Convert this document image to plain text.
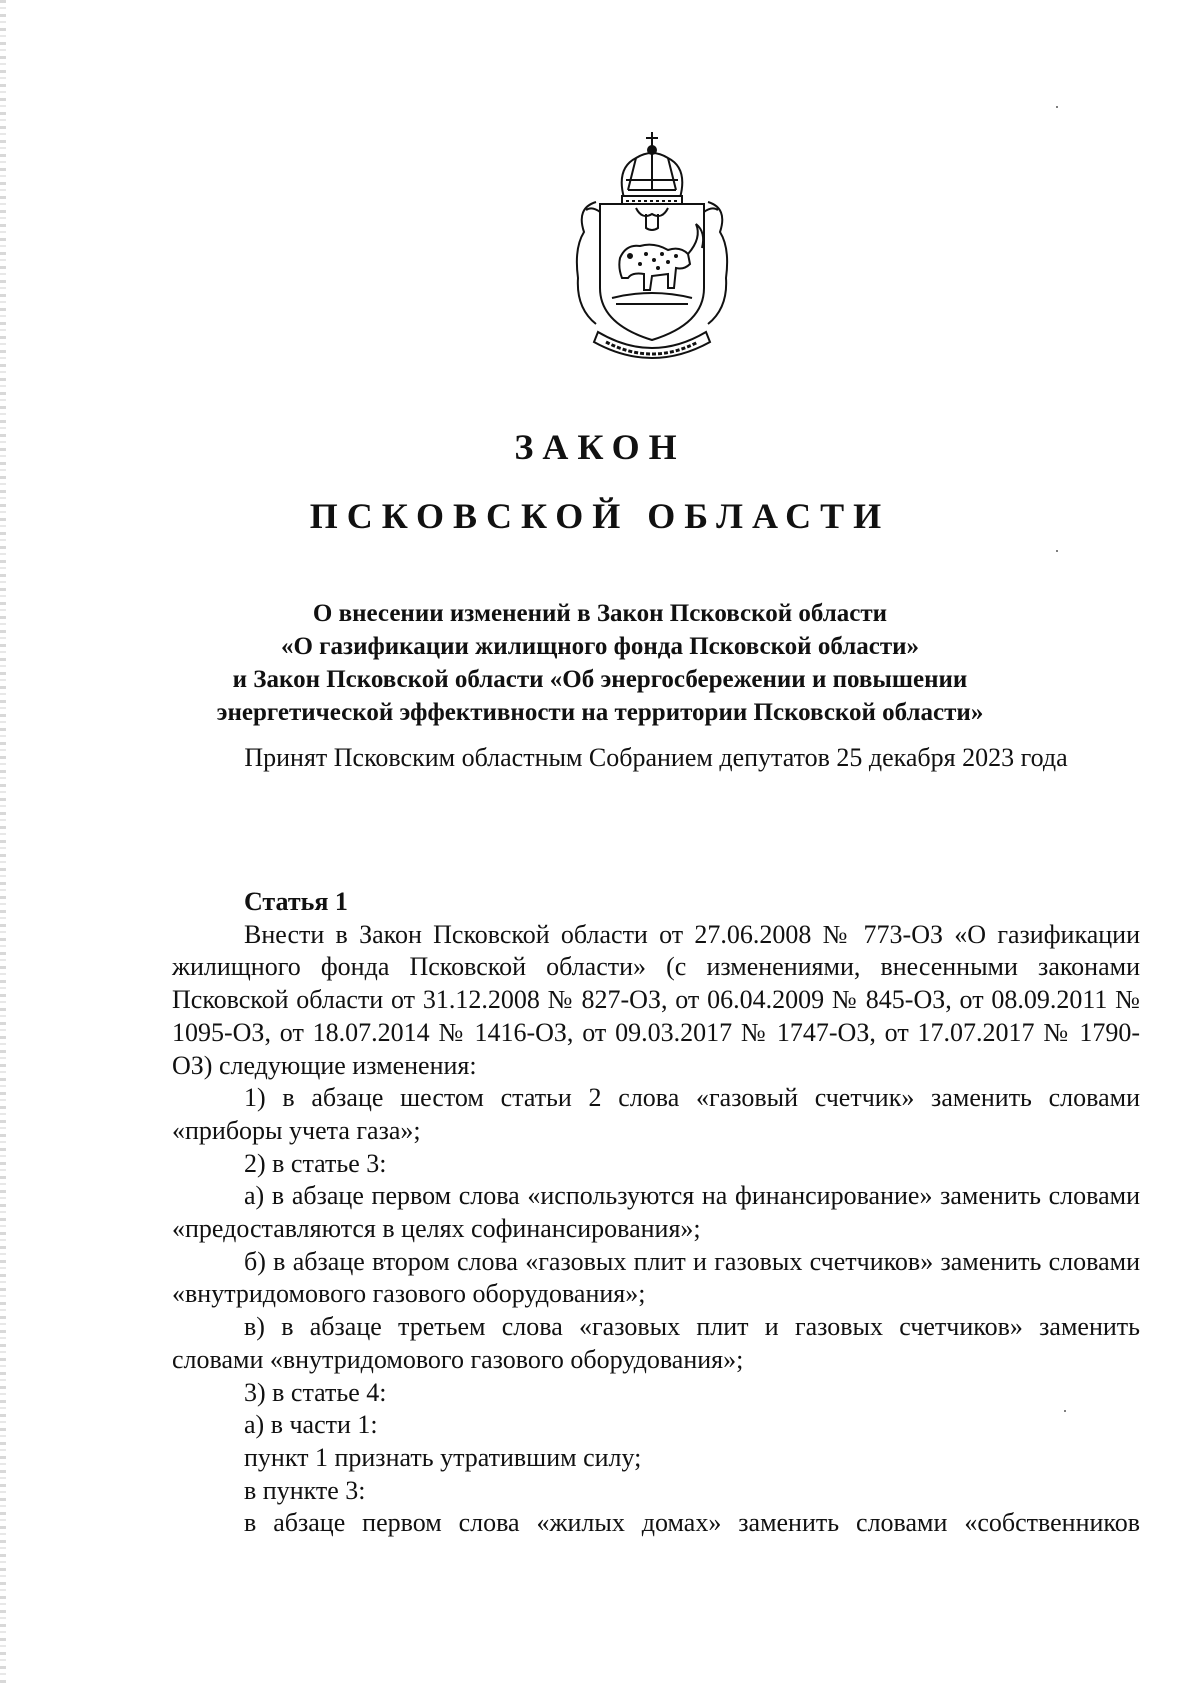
ЗАКОН
ПСКОВСКОЙ ОБЛАСТИ
О внесении изменений в Закон Псковской области
«О газификации жилищного фонда Псковской области»
и Закон Псковской области «Об энергосбережении и повышении
энергетической эффективности на территории Псковской области»
Принят Псковским областным Собранием депутатов 25 декабря 2023 года

Статья 1

Внести в Закон Псковской области от 27.06.2008 № 773-ОЗ «О газификации жилищного фонда Псковской области» (с изменениями, внесенными законами Псковской области от 31.12.2008 № 827-ОЗ, от 06.04.2009 № 845-ОЗ, от 08.09.2011 № 1095-ОЗ, от 18.07.2014 № 1416-ОЗ, от 09.03.2017 № 1747-ОЗ, от 17.07.2017 № 1790-ОЗ) следующие изменения:

1) в абзаце шестом статьи 2 слова «газовый счетчик» заменить словами «приборы учета газа»;

2) в статье 3:

а) в абзаце первом слова «используются на финансирование» заменить словами «предоставляются в целях софинансирования»;

б) в абзаце втором слова «газовых плит и газовых счетчиков» заменить словами «внутридомового газового оборудования»;

в) в абзаце третьем слова «газовых плит и газовых счетчиков» заменить словами «внутридомового газового оборудования»;

3) в статье 4:

а) в части 1:

пункт 1 признать утратившим силу;

в пункте 3:

в абзаце первом слова «жилых домах» заменить словами «собственников
